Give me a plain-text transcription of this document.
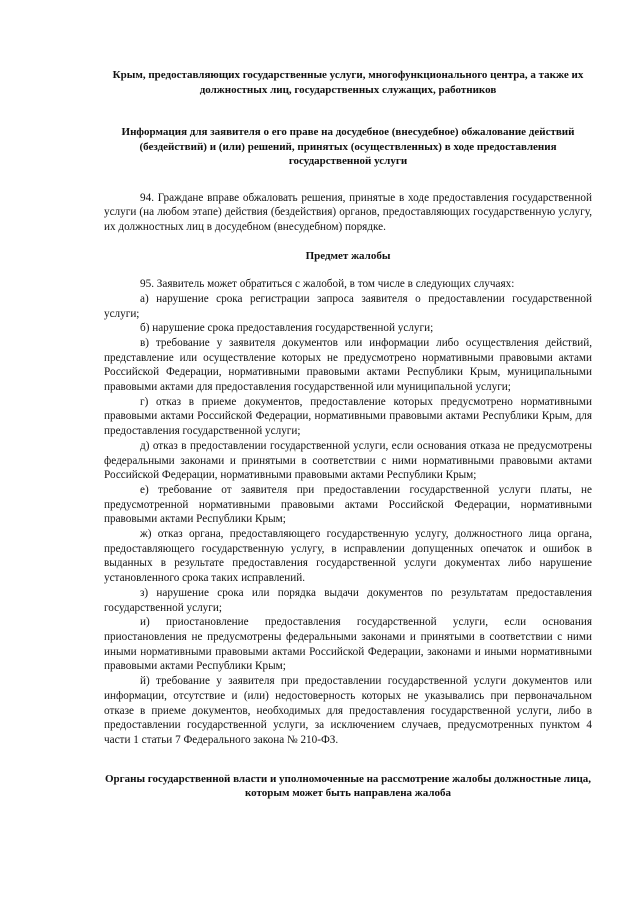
Крым, предоставляющих государственные услуги, многофункционального центра, а также их должностных лиц, государственных служащих, работников
Информация для заявителя о его праве на досудебное (внесудебное) обжалование действий (бездействий) и (или) решений, принятых (осуществленных) в ходе предоставления государственной услуги

94. Граждане вправе обжаловать решения, принятые в ходе предоставления государственной услуги (на любом этапе) действия (бездействия) органов, предоставляющих государственную услугу, их должностных лиц в досудебном (внесудебном) порядке.

Предмет жалобы

95. Заявитель может обратиться с жалобой, в том числе в следующих случаях:

а) нарушение срока регистрации запроса заявителя о предоставлении государственной услуги;

б) нарушение срока предоставления государственной услуги;

в) требование у заявителя документов или информации либо осуществления действий, представление или осуществление которых не предусмотрено нормативными правовыми актами Российской Федерации, нормативными правовыми актами Республики Крым, муниципальными правовыми актами для предоставления государственной или муниципальной услуги;

г) отказ в приеме документов, предоставление которых предусмотрено нормативными правовыми актами Российской Федерации, нормативными правовыми актами Республики Крым, для предоставления государственной услуги;

д) отказ в предоставлении государственной услуги, если основания отказа не предусмотрены федеральными законами и принятыми в соответствии с ними нормативными правовыми актами Российской Федерации, нормативными правовыми актами Республики Крым;

е) требование от заявителя при предоставлении государственной услуги платы, не предусмотренной нормативными правовыми актами Российской Федерации, нормативными правовыми актами Республики Крым;

ж) отказ органа, предоставляющего государственную услугу, должностного лица органа, предоставляющего государственную услугу, в исправлении допущенных опечаток и ошибок в выданных в результате предоставления государственной услуги документах либо нарушение установленного срока таких исправлений.

з) нарушение срока или порядка выдачи документов по результатам предоставления государственной услуги;

и) приостановление предоставления государственной услуги, если основания приостановления не предусмотрены федеральными законами и принятыми в соответствии с ними иными нормативными правовыми актами Российской Федерации, законами и иными нормативными правовыми актами Республики Крым;

й) требование у заявителя при предоставлении государственной услуги документов или информации, отсутствие и (или) недостоверность которых не указывались при первоначальном отказе в приеме документов, необходимых для предоставления государственной услуги, либо в предоставлении государственной услуги, за исключением случаев, предусмотренных пунктом 4 части 1 статьи 7 Федерального закона № 210-ФЗ.

Органы государственной власти и уполномоченные на рассмотрение жалобы должностные лица, которым может быть направлена жалоба
